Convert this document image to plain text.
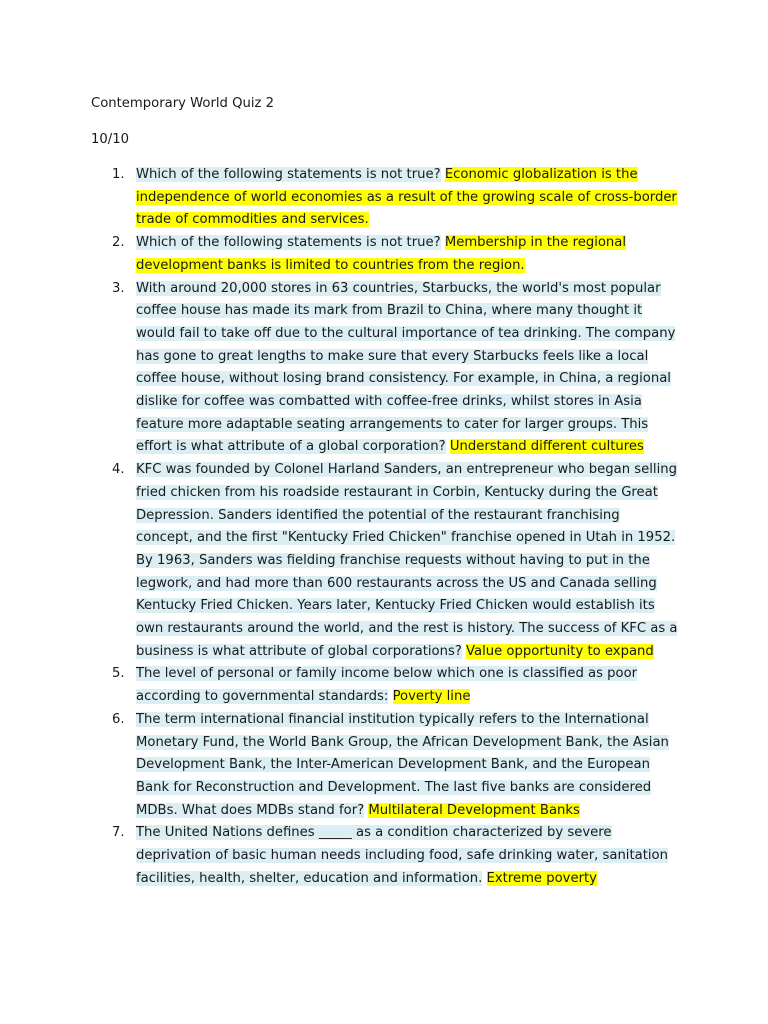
Contemporary World Quiz 2
10/10
1. Which of the following statements is not true? Economic globalization is the independence of world economies as a result of the growing scale of cross-border trade of commodities and services.
2. Which of the following statements is not true? Membership in the regional development banks is limited to countries from the region.
3. With around 20,000 stores in 63 countries, Starbucks, the world's most popular coffee house has made its mark from Brazil to China, where many thought it would fail to take off due to the cultural importance of tea drinking. The company has gone to great lengths to make sure that every Starbucks feels like a local coffee house, without losing brand consistency. For example, in China, a regional dislike for coffee was combatted with coffee-free drinks, whilst stores in Asia feature more adaptable seating arrangements to cater for larger groups. This effort is what attribute of a global corporation? Understand different cultures
4. KFC was founded by Colonel Harland Sanders, an entrepreneur who began selling fried chicken from his roadside restaurant in Corbin, Kentucky during the Great Depression. Sanders identified the potential of the restaurant franchising concept, and the first "Kentucky Fried Chicken" franchise opened in Utah in 1952. By 1963, Sanders was fielding franchise requests without having to put in the legwork, and had more than 600 restaurants across the US and Canada selling Kentucky Fried Chicken. Years later, Kentucky Fried Chicken would establish its own restaurants around the world, and the rest is history. The success of KFC as a business is what attribute of global corporations? Value opportunity to expand
5. The level of personal or family income below which one is classified as poor according to governmental standards: Poverty line
6. The term international financial institution typically refers to the International Monetary Fund, the World Bank Group, the African Development Bank, the Asian Development Bank, the Inter-American Development Bank, and the European Bank for Reconstruction and Development. The last five banks are considered MDBs. What does MDBs stand for? Multilateral Development Banks
7. The United Nations defines _____ as a condition characterized by severe deprivation of basic human needs including food, safe drinking water, sanitation facilities, health, shelter, education and information. Extreme poverty
